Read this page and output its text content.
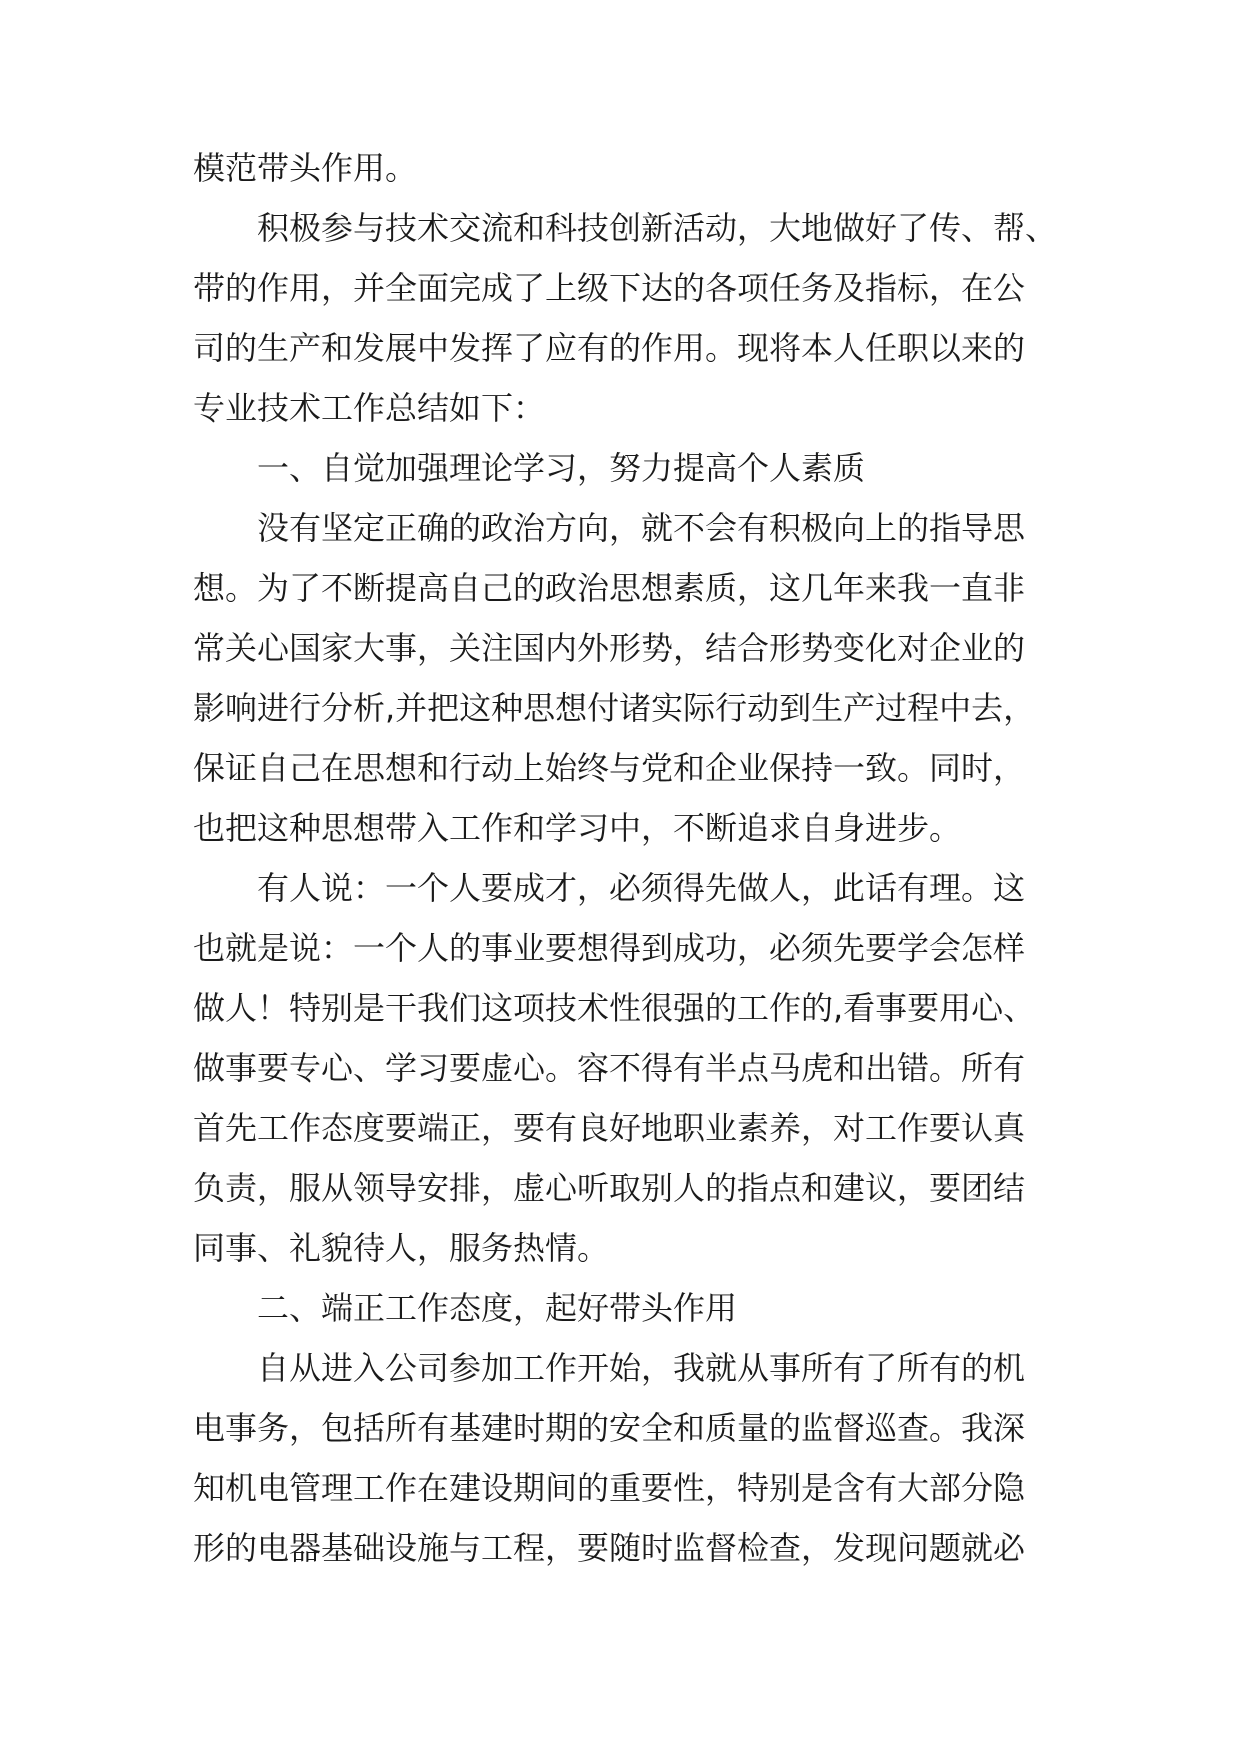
模范带头作用。
积极参与技术交流和科技创新活动，大地做好了传、帮、
带的作用，并全面完成了上级下达的各项任务及指标，在公
司的生产和发展中发挥了应有的作用。现将本人任职以来的
专业技术工作总结如下：
一、自觉加强理论学习，努力提高个人素质
没有坚定正确的政治方向，就不会有积极向上的指导思
想。为了不断提高自己的政治思想素质，这几年来我一直非
常关心国家大事，关注国内外形势，结合形势变化对企业的
影响进行分析,并把这种思想付诸实际行动到生产过程中去，
保证自己在思想和行动上始终与党和企业保持一致。同时，
也把这种思想带入工作和学习中，不断追求自身进步。
有人说：一个人要成才，必须得先做人，此话有理。这
也就是说：一个人的事业要想得到成功，必须先要学会怎样
做人！特别是干我们这项技术性很强的工作的,看事要用心、
做事要专心、学习要虚心。容不得有半点马虎和出错。所有
首先工作态度要端正，要有良好地职业素养，对工作要认真
负责，服从领导安排，虚心听取别人的指点和建议，要团结
同事、礼貌待人，服务热情。
二、端正工作态度，起好带头作用
自从进入公司参加工作开始，我就从事所有了所有的机
电事务，包括所有基建时期的安全和质量的监督巡查。我深
知机电管理工作在建设期间的重要性，特别是含有大部分隐
形的电器基础设施与工程，要随时监督检查，发现问题就必
